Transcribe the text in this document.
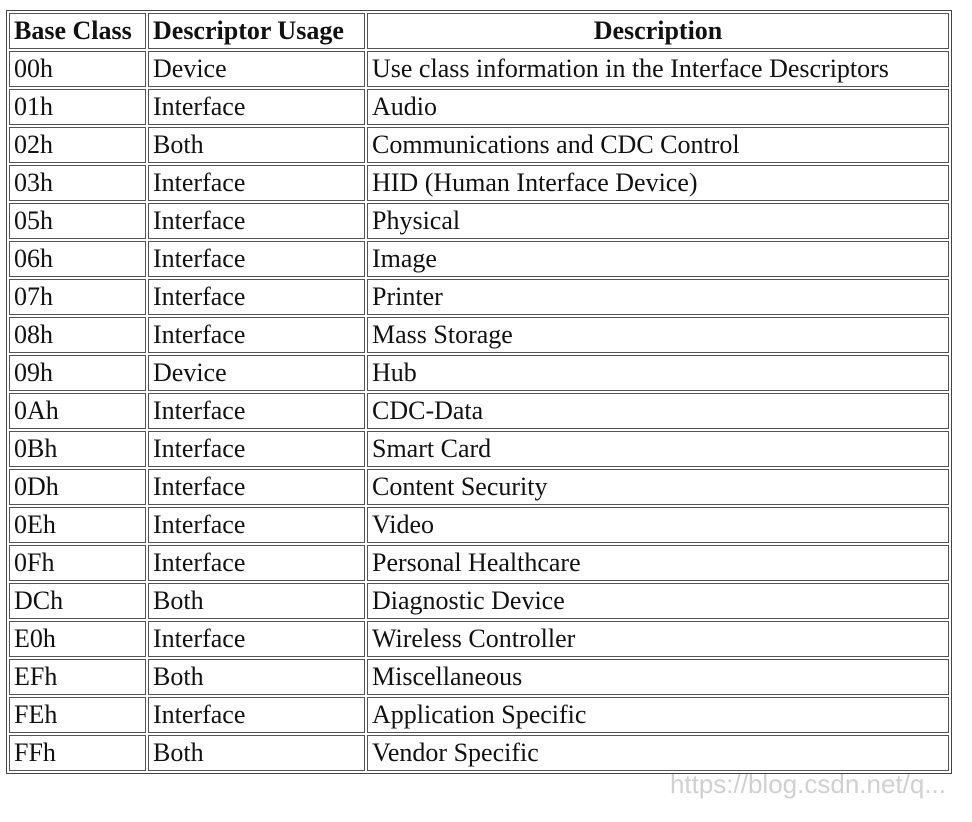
Base Class	Descriptor Usage	Description
00h	Device	Use class information in the Interface Descriptors
01h	Interface	Audio
02h	Both	Communications and CDC Control
03h	Interface	HID (Human Interface Device)
05h	Interface	Physical
06h	Interface	Image
07h	Interface	Printer
08h	Interface	Mass Storage
09h	Device	Hub
0Ah	Interface	CDC-Data
0Bh	Interface	Smart Card
0Dh	Interface	Content Security
0Eh	Interface	Video
0Fh	Interface	Personal Healthcare
DCh	Both	Diagnostic Device
E0h	Interface	Wireless Controller
EFh	Both	Miscellaneous
FEh	Interface	Application Specific
FFh	Both	Vendor Specific
https://blog.csdn.net/q...
